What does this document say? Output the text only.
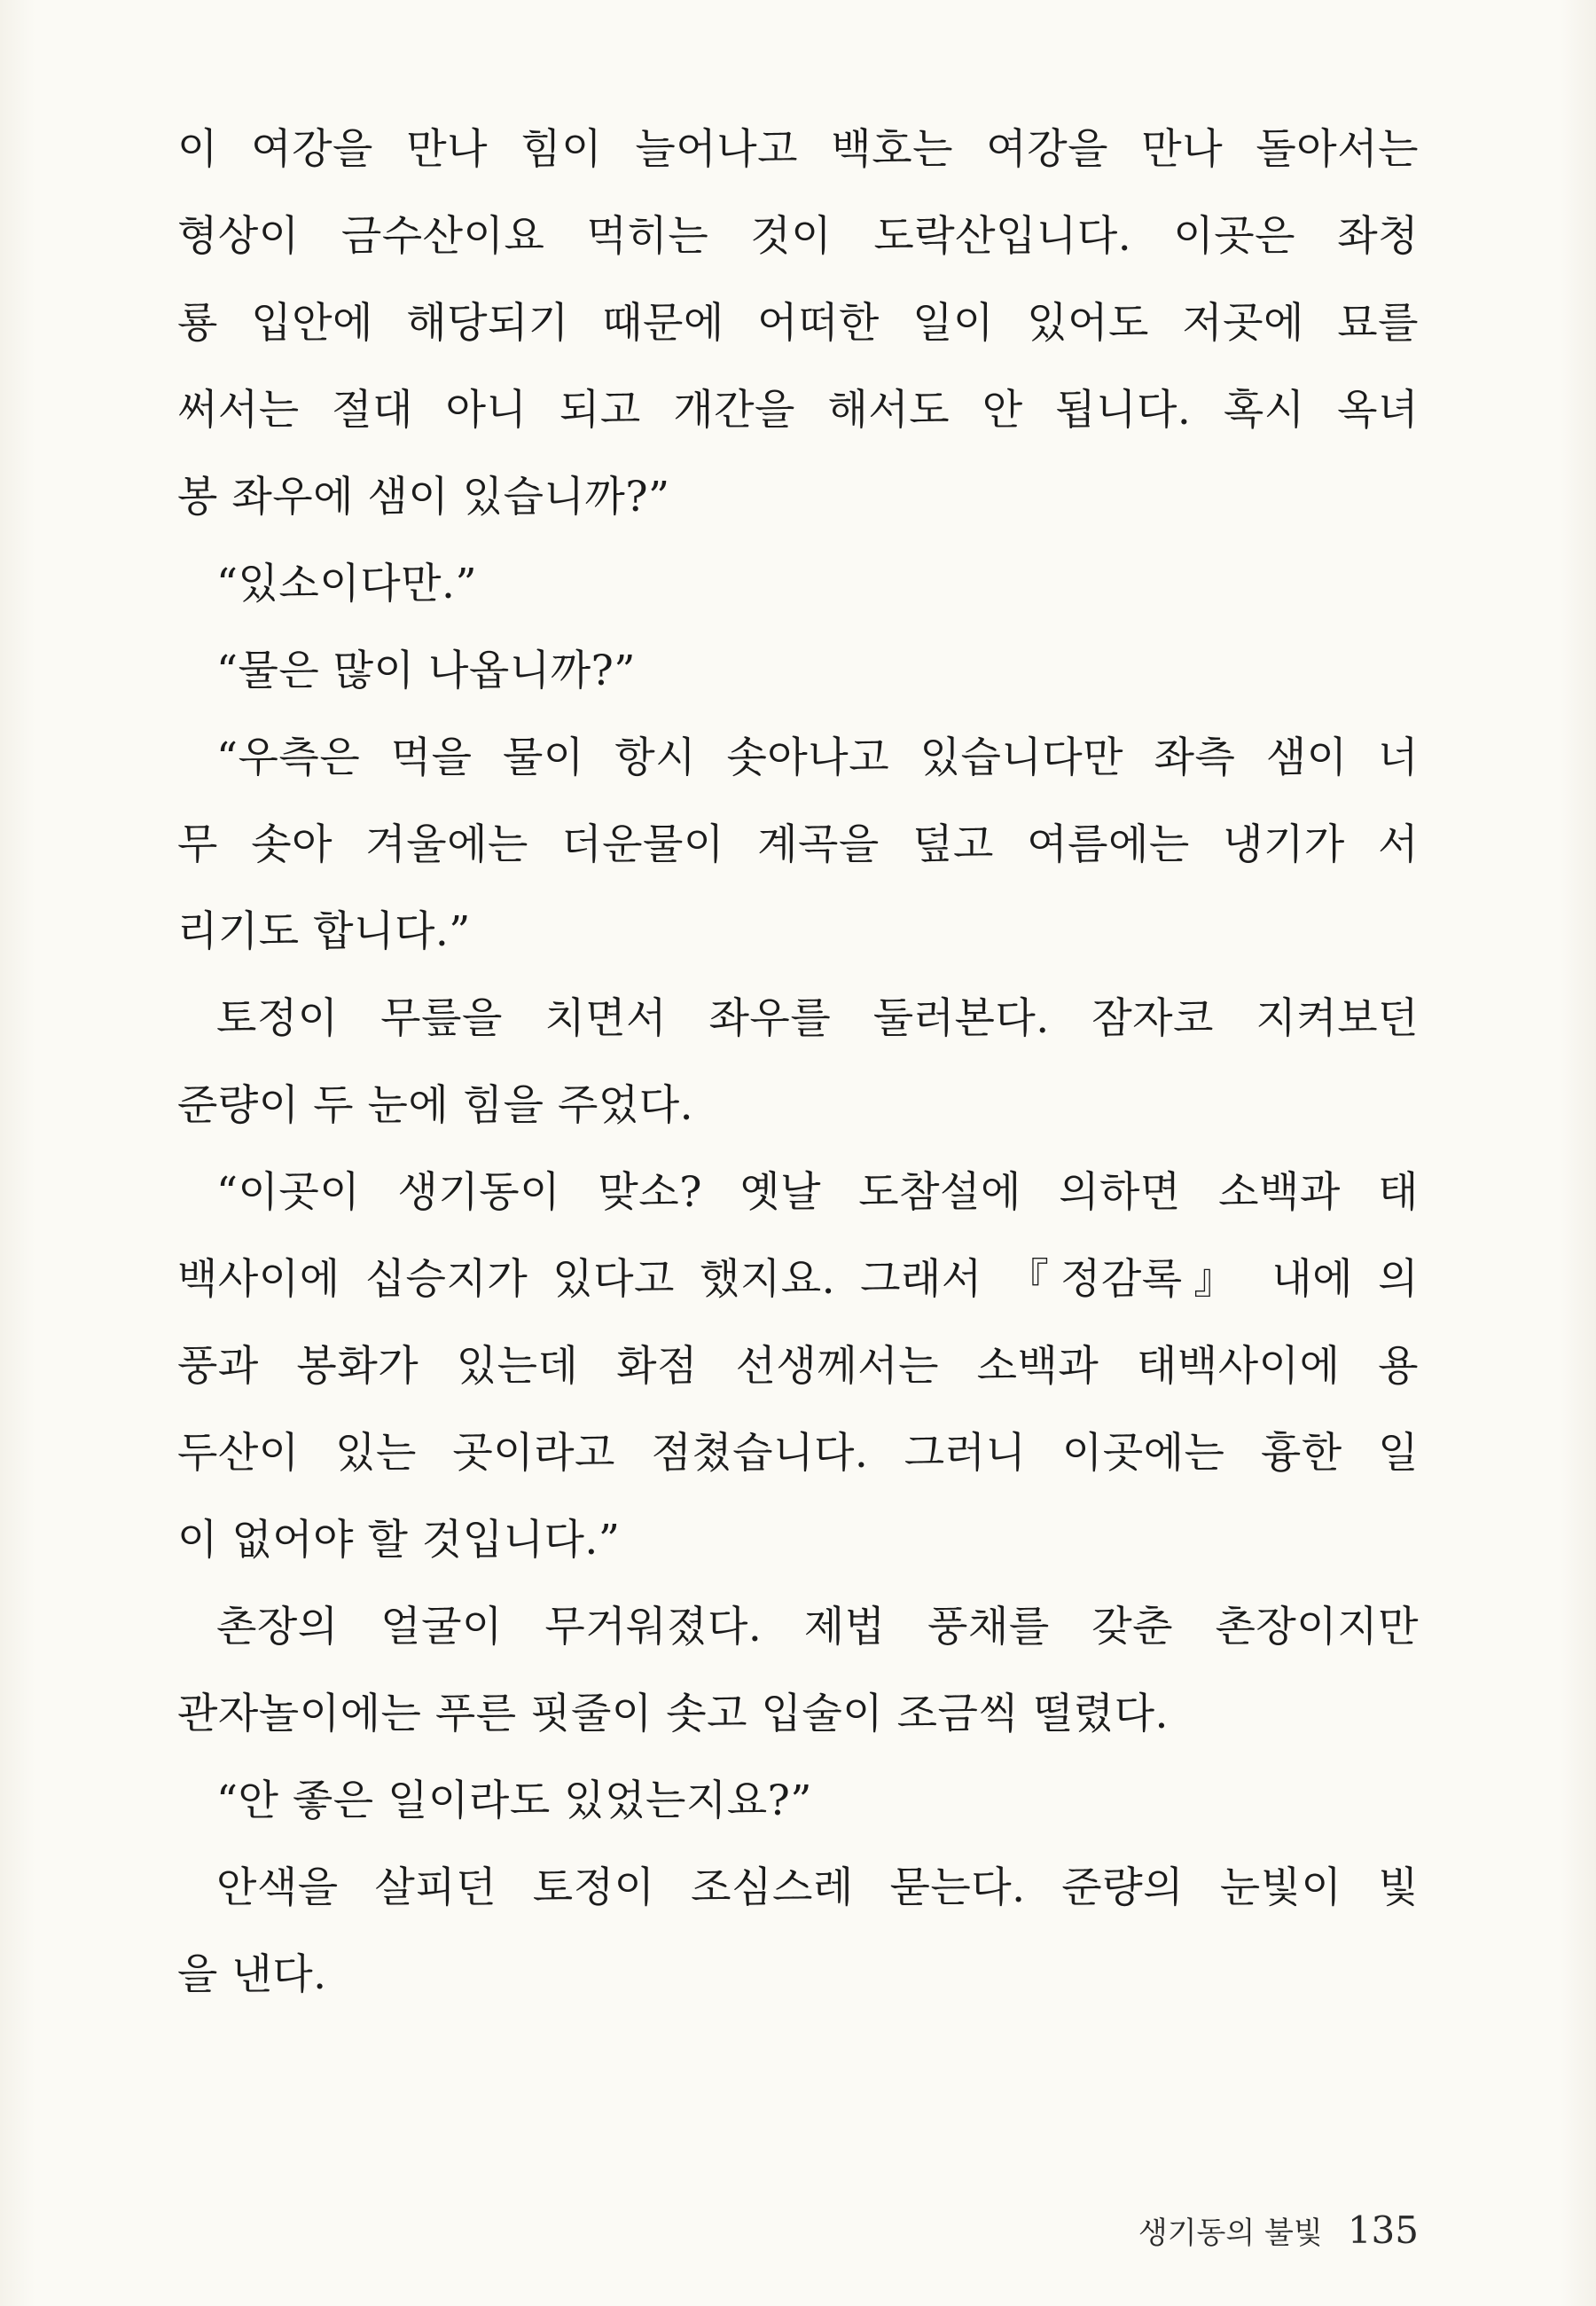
이 여강을 만나 힘이 늘어나고 백호는 여강을 만나 돌아서는
형상이 금수산이요 먹히는 것이 도락산입니다. 이곳은 좌청
룡 입안에 해당되기 때문에 어떠한 일이 있어도 저곳에 묘를
써서는 절대 아니 되고 개간을 해서도 안 됩니다. 혹시 옥녀
봉 좌우에 샘이 있습니까?”
“있소이다만.”
“물은 많이 나옵니까?”
“우측은 먹을 물이 항시 솟아나고 있습니다만 좌측 샘이 너
무 솟아 겨울에는 더운물이 계곡을 덮고 여름에는 냉기가 서
리기도 합니다.”
토정이 무릎을 치면서 좌우를 둘러본다. 잠자코 지켜보던
준량이 두 눈에 힘을 주었다.
“이곳이 생기동이 맞소? 옛날 도참설에 의하면 소백과 태
백사이에 십승지가 있다고 했지요. 그래서 『정감록』 내에 의
풍과 봉화가 있는데 화점 선생께서는 소백과 태백사이에 용
두산이 있는 곳이라고 점쳤습니다. 그러니 이곳에는 흉한 일
이 없어야 할 것입니다.”
촌장의 얼굴이 무거워졌다. 제법 풍채를 갖춘 촌장이지만
관자놀이에는 푸른 핏줄이 솟고 입술이 조금씩 떨렸다.
“안 좋은 일이라도 있었는지요?”
안색을 살피던 토정이 조심스레 묻는다. 준량의 눈빛이 빛
을 낸다.
생기동의 불빛 135
